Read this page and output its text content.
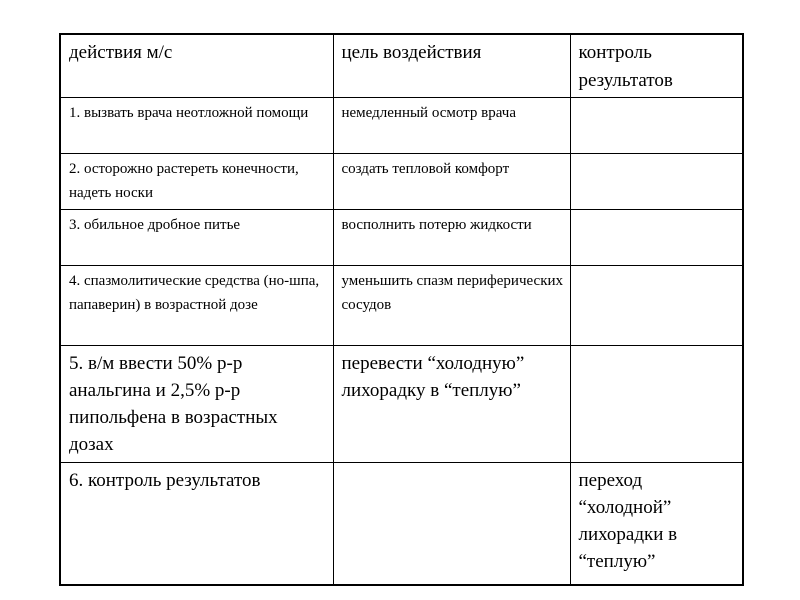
действия м/с	цель воздействия	контроль результатов
1. вызвать врача неотложной помощи	немедленный осмотр врача	
2. осторожно растереть конечности, надеть носки	создать тепловой комфорт	
3. обильное дробное питье	восполнить потерю жидкости	
4. спазмолитические средства (но-шпа, папаверин) в возрастной дозе	уменьшить спазм периферических сосудов	
5. в/м ввести 50% р-р анальгина и 2,5% р-р пипольфена в возрастных дозах	перевести “холодную” лихорадку в “теплую”	
6. контроль результатов		переход “холодной” лихорадки в “теплую”
